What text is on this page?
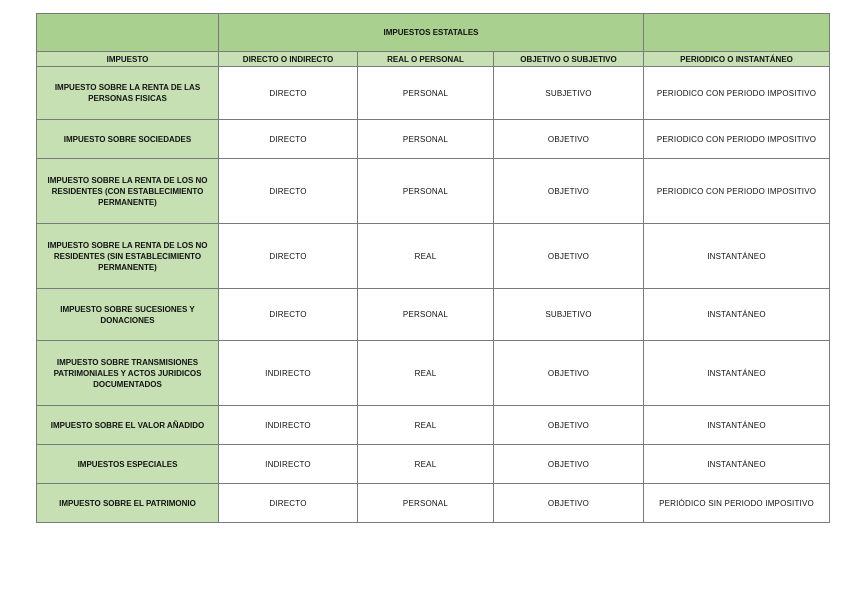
	IMPUESTOS ESTATALES			
IMPUESTO	DIRECTO O INDIRECTO	REAL O PERSONAL	OBJETIVO O SUBJETIVO	PERIODICO O INSTANTÁNEO
IMPUESTO SOBRE LA RENTA DE LAS PERSONAS FISICAS	DIRECTO	PERSONAL	SUBJETIVO	PERIODICO CON PERIODO IMPOSITIVO
IMPUESTO SOBRE SOCIEDADES	DIRECTO	PERSONAL	OBJETIVO	PERIODICO CON PERIODO IMPOSITIVO
IMPUESTO SOBRE LA RENTA DE LOS NO RESIDENTES (CON ESTABLECIMIENTO PERMANENTE)	DIRECTO	PERSONAL	OBJETIVO	PERIODICO CON PERIODO IMPOSITIVO
IMPUESTO SOBRE LA RENTA DE LOS NO RESIDENTES (SIN ESTABLECIMIENTO PERMANENTE)	DIRECTO	REAL	OBJETIVO	INSTANTÁNEO
IMPUESTO SOBRE SUCESIONES Y DONACIONES	DIRECTO	PERSONAL	SUBJETIVO	INSTANTÁNEO
IMPUESTO SOBRE TRANSMISIONES PATRIMONIALES Y ACTOS JURIDICOS DOCUMENTADOS	INDIRECTO	REAL	OBJETIVO	INSTANTÁNEO
IMPUESTO SOBRE EL VALOR AÑADIDO	INDIRECTO	REAL	OBJETIVO	INSTANTÁNEO
IMPUESTOS ESPECIALES	INDIRECTO	REAL	OBJETIVO	INSTANTÁNEO
IMPUESTO SOBRE EL PATRIMONIO	DIRECTO	PERSONAL	OBJETIVO	PERIÓDICO SIN PERIODO IMPOSITIVO
